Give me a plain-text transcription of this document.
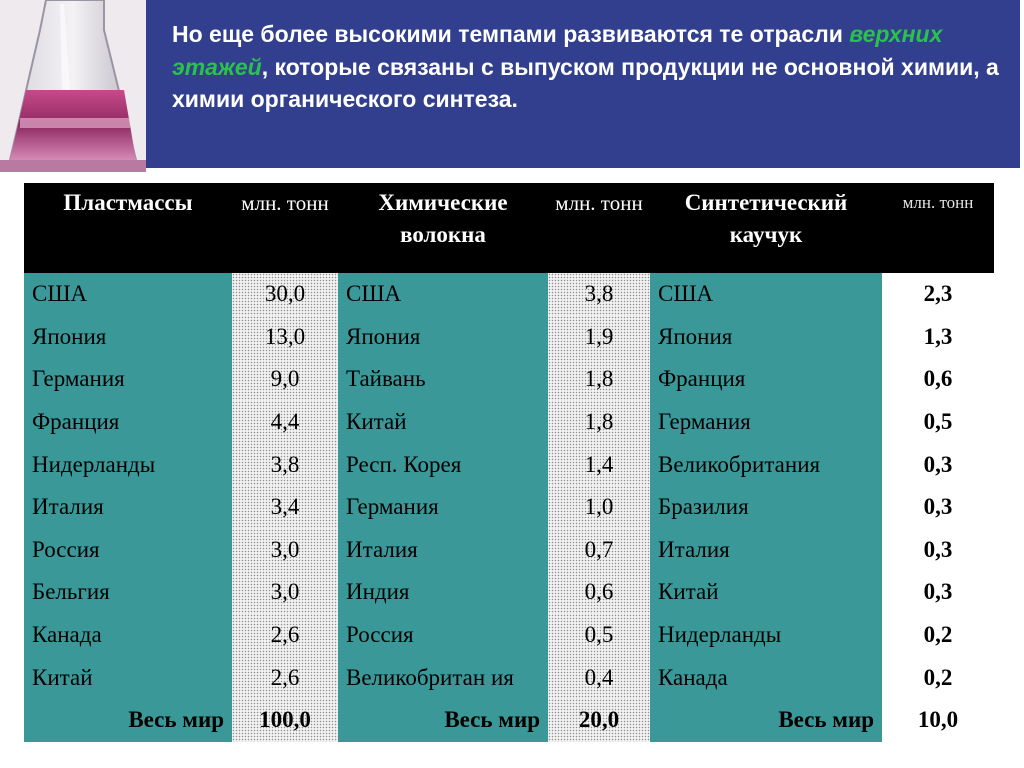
Но еще более высокими темпами развиваются те отрасли верхних этажей, которые связаны с выпуском продукции не основной химии, а химии органического синтеза.

Пластмассы	млн. тонн	Химические волокна	млн. тонн	Синтетический каучук	млн. тонн
США	30,0	США	3,8	США	2,3
Япония	13,0	Япония	1,9	Япония	1,3
Германия	9,0	Тайвань	1,8	Франция	0,6
Франция	4,4	Китай	1,8	Германия	0,5
Нидерланды	3,8	Респ. Корея	1,4	Великобритания	0,3
Италия	3,4	Германия	1,0	Бразилия	0,3
Россия	3,0	Италия	0,7	Италия	0,3
Бельгия	3,0	Индия	0,6	Китай	0,3
Канада	2,6	Россия	0,5	Нидерланды	0,2
Китай	2,6	Великобритан ия	0,4	Канада	0,2
Весь мир	100,0	Весь мир	20,0	Весь мир	10,0
